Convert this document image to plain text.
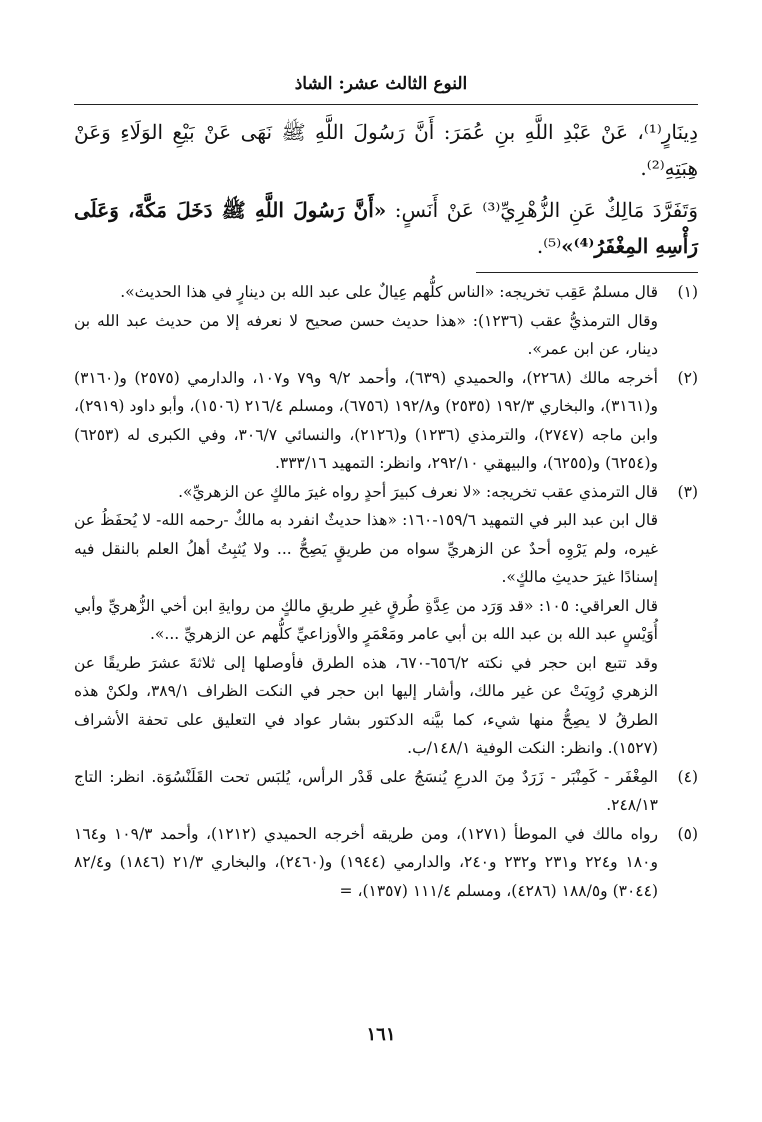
النوع الثالث عشر: الشاذ

دِينَارٍ⁽¹⁾، عَنْ عَبْدِ اللَّهِ بنِ عُمَرَ: أَنَّ رَسُولَ اللَّهِ ﷺ نَهَى عَنْ بَيْعِ الوَلَاءِ وَعَنْ هِبَتِهِ⁽²⁾.

وَتَفَرَّدَ مَالِكٌ عَنِ الزُّهْرِيِّ⁽³⁾ عَنْ أَنَسٍ: «أَنَّ رَسُولَ اللَّهِ ﷺ دَخَلَ مَكَّةَ، وَعَلَى رَأْسِهِ المِغْفَرُ⁽⁴⁾»⁽⁵⁾.

(١)

قال مسلمٌ عَقِب تخريجه: «الناس كلُّهم عِيالٌ على عبد الله بن دينارٍ في هذا الحديث».

وقال الترمذيُّ عقب (١٢٣٦): «هذا حديث حسن صحيح لا نعرفه إلا من حديث عبد الله بن دينار، عن ابن عمر».

(٢)

أخرجه مالك (٢٢٦٨)، والحميدي (٦٣٩)، وأحمد ٩/٢ و٧٩ و١٠٧، والدارمي (٢٥٧٥) و(٣١٦٠) و(٣١٦١)، والبخاري ١٩٢/٣ (٢٥٣٥) و١٩٢/٨ (٦٧٥٦)، ومسلم ٢١٦/٤ (١٥٠٦)، وأبو داود (٢٩١٩)، وابن ماجه (٢٧٤٧)، والترمذي (١٢٣٦) و(٢١٢٦)، والنسائي ٣٠٦/٧، وفي الكبرى له (٦٢٥٣) و(٦٢٥٤) و(٦٢٥٥)، والبيهقي ٢٩٢/١٠، وانظر: التمهيد ٣٣٣/١٦.

(٣)

قال الترمذي عقب تخريجه: «لا نعرف كبيرَ أحدٍ رواه غيرَ مالكٍ عن الزهريِّ».

قال ابن عبد البر في التمهيد ١٥٩/٦-١٦٠: «هذا حديثٌ انفرد به مالكٌ -رحمه الله- لا يُحفَظُ عن غيره، ولم يَرْوِه أحدٌ عن الزهريِّ سواه من طريقٍ يَصِحُّ ... ولا يُثبِتُ أهلُ العلم بالنقل فيه إسنادًا غيرَ حديثِ مالكٍ».

قال العراقي: ١٠٥: «قد وَرَد من عِدَّةِ طُرقٍ غيرِ طريقِ مالكٍ من روايةِ ابن أخي الزُّهريِّ وأبي أُوَيْسٍ عبد الله بن عبد الله بن أبي عامر ومَعْمَرٍ والأوزاعيِّ كلُّهم عن الزهريِّ ...».

وقد تتبع ابن حجر في نكته ٦٥٦/٢-٦٧٠، هذه الطرق فأوصلها إلى ثلاثةَ عشرَ طريقًا عن الزهري رُوِيَتْ عن غير مالك، وأشار إليها ابن حجر في النكت الظراف ٣٨٩/١، ولكنْ هذه الطرقُ لا يصِحُّ منها شيء، كما بيَّنه الدكتور بشار عواد في التعليق على تحفة الأشراف (١٥٢٧). وانظر: النكت الوفية ١٤٨/١/ب.

(٤)

المِغْفَر - كَمِنْبَر - زَرَدٌ مِنَ الدرعِ يُنسَجُ على قَدْر الرأس، يُلبَس تحت القَلَنْسُوَة. انظر: التاج ٢٤٨/١٣.

(٥)

رواه مالك في الموطأ (١٢٧١)، ومن طريقه أخرجه الحميدي (١٢١٢)، وأحمد ١٠٩/٣ و١٦٤ و١٨٠ و٢٢٤ و٢٣١ و٢٣٢ و٢٤٠، والدارمي (١٩٤٤) و(٢٤٦٠)، والبخاري ٢١/٣ (١٨٤٦) و٨٢/٤ (٣٠٤٤) و١٨٨/٥ (٤٢٨٦)، ومسلم ١١١/٤ (١٣٥٧)، =

١٦١
